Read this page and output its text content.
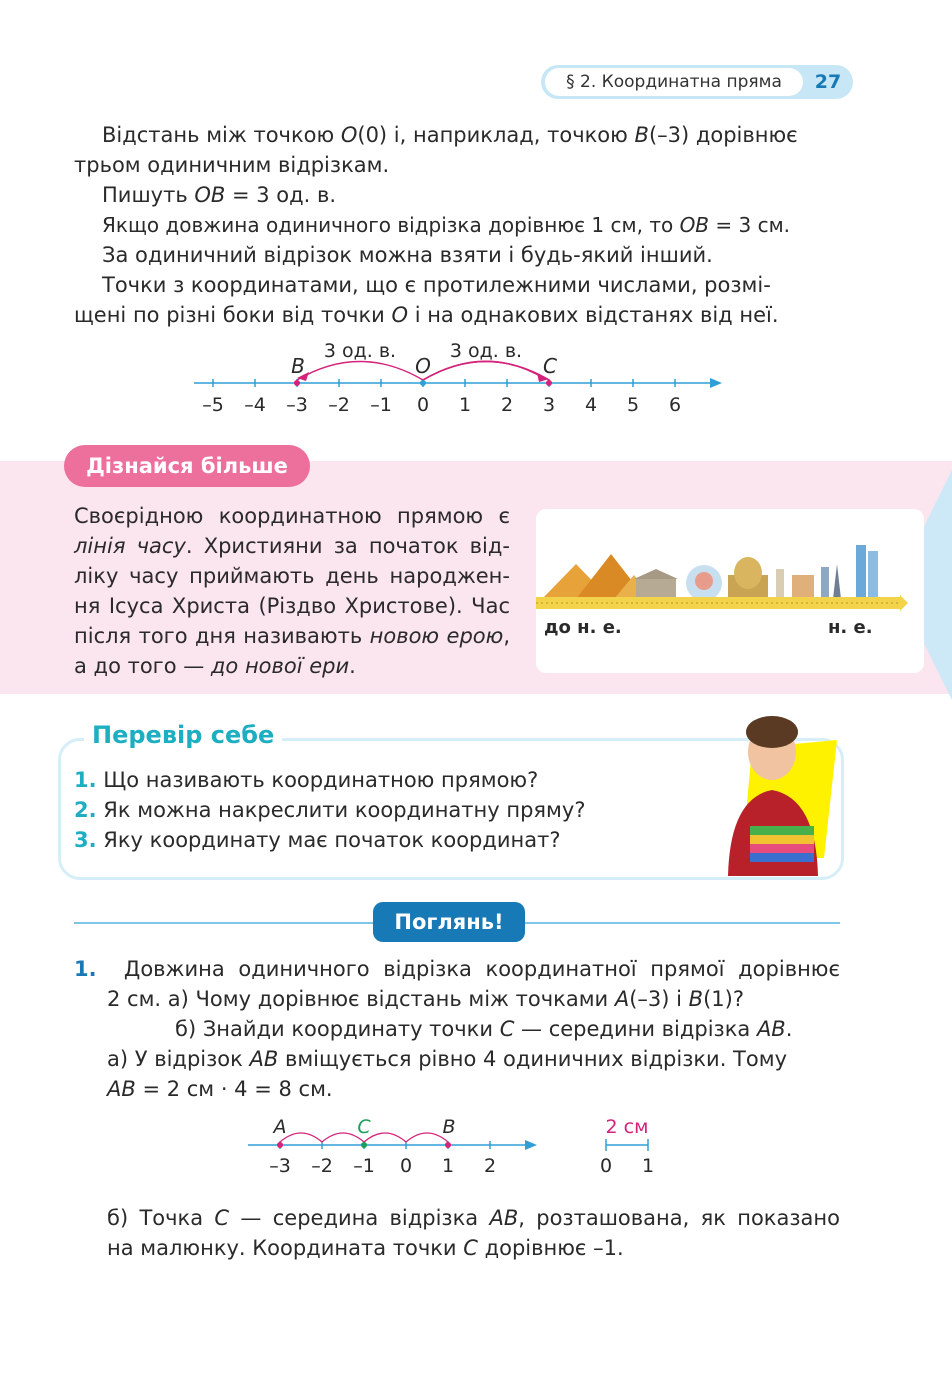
§ 2. Координатна пряма	27
Відстань між точкою O(0) і, наприклад, точкою B(–3) дорівнює
трьом одиничним відрізкам.
Пишуть OB = 3 од. в.
Якщо довжина одиничного відрізка дорівнює 1 см, то OB = 3 см.
За одиничний відрізок можна взяти і будь-який інший.
Точки з координатами, що є протилежними числами, розмі-
щені по різні боки від точки O і на однакових відстанях від неї.
–5 –4 –3 –2 –1 0 1 2 3 4 5 6
B	O	C
3 од. в.	3 од. в.
Дізнайся більше
Своєрідною координатною прямою є
лінія часу. Християни за початок від-
ліку часу приймають день народжен-
ня Ісуса Христа (Різдво Христове). Час
після того дня називають новою ерою,
а до того — до нової ери.
до н. е.	н. е.
Перевір себе
1. Що називають координатною прямою?
2. Як можна накреслити координатну пряму?
3. Яку координату має початок координат?
Поглянь!
1. Довжина одиничного відрізка координатної прямої дорівнює
2 см. а) Чому дорівнює відстань між точками A(–3) і B(1)?
б) Знайди координату точки C — середини відрізка AB.
а) У відрізок AB вміщується рівно 4 одиничних відрізки. Тому
AB = 2 см · 4 = 8 см.
–3 –2 –1 0 1 2
A	C	B	2 см
0 1
б) Точка C — середина відрізка AB, розташована, як показано
на малюнку. Координата точки C дорівнює –1.
